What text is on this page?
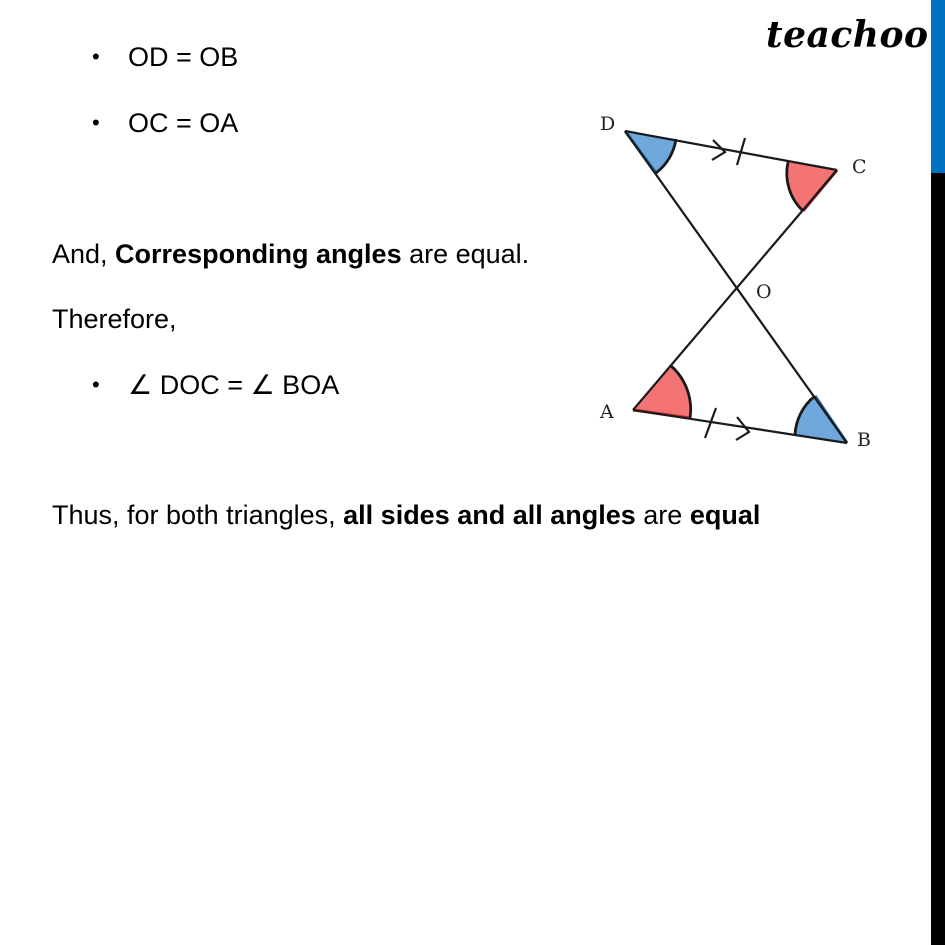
teachoo
• OD = OB
• OC = OA
And, Corresponding angles are equal.
Therefore,
• ∠ DOC = ∠ BOA
Thus, for both triangles, all sides and all angles are equal
D
C
O
A
B
